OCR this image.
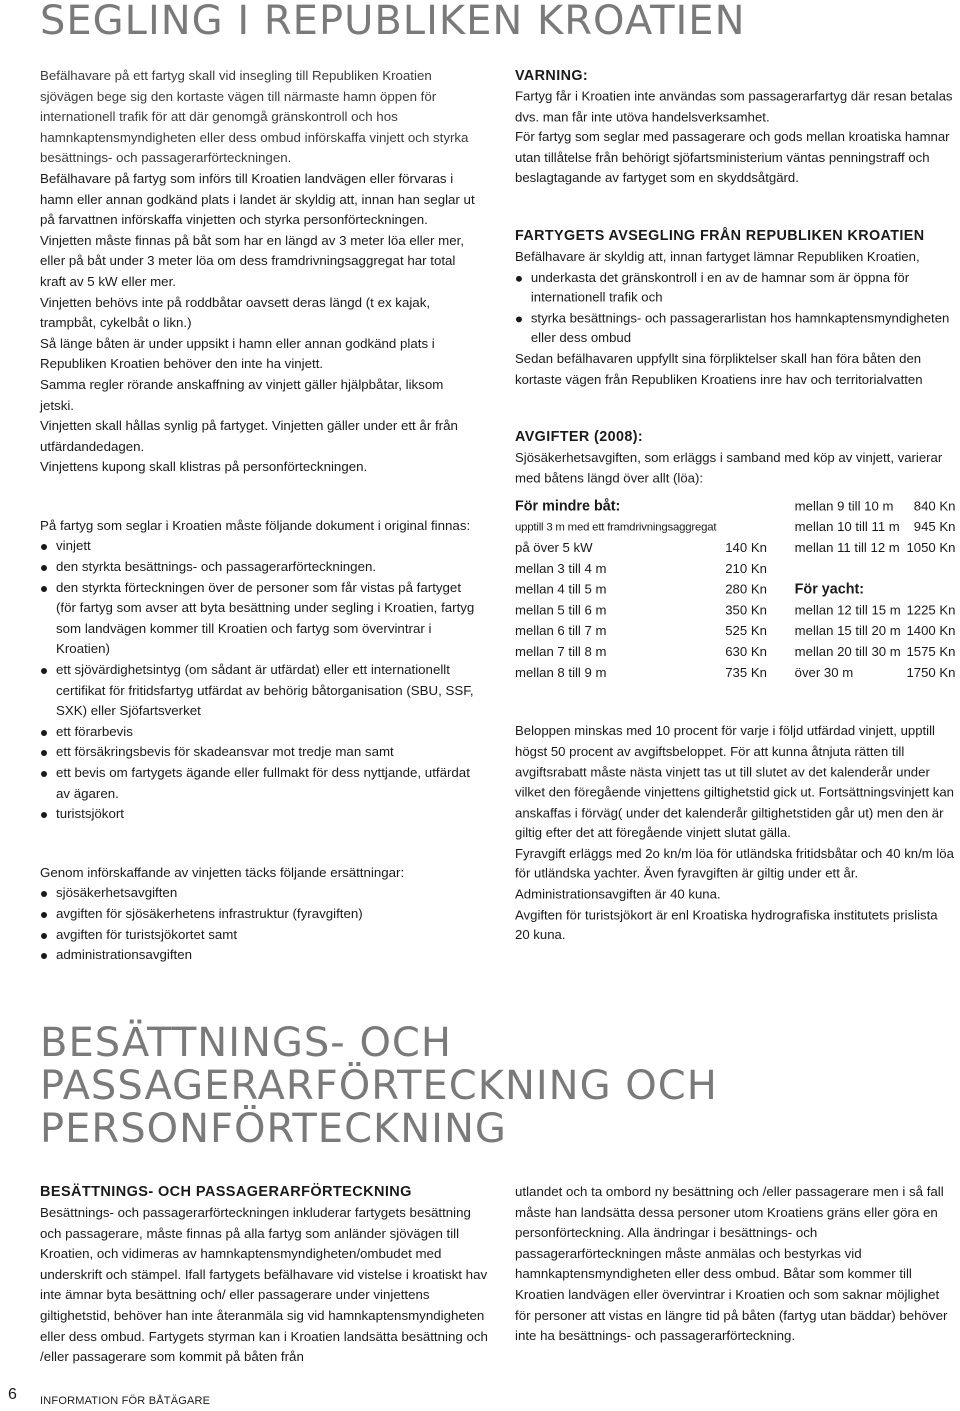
SEGLING I REPUBLIKEN KROATIEN

Befälhavare på ett fartyg skall vid insegling till Republiken Kroatien sjövägen bege sig den kortaste vägen till närmaste hamn öppen för internationell trafik för att där genomgå gränskontroll och hos hamnkaptensmyndigheten eller dess ombud införskaffa vinjett och styrka besättnings- och passagerarförteckningen.

Befälhavare på fartyg som införs till Kroatien landvägen eller förvaras i hamn eller annan godkänd plats i landet är skyldig att, innan han seglar ut på farvattnen införskaffa vinjetten och styrka personförteckningen.

Vinjetten måste finnas på båt som har en längd av 3 meter löa eller mer, eller på båt under 3 meter löa om dess framdrivningsaggregat har total kraft av 5 kW eller mer.

Vinjetten behövs inte på roddbåtar oavsett deras längd (t ex kajak, trampbåt, cykelbåt o likn.)

Så länge båten är under uppsikt i hamn eller annan godkänd plats i Republiken Kroatien behöver den inte ha vinjett.

Samma regler rörande anskaffning av vinjett gäller hjälpbåtar, liksom jetski.

Vinjetten skall hållas synlig på fartyget. Vinjetten gäller under ett år från utfärdandedagen.

Vinjettens kupong skall klistras på personförteckningen.

På fartyg som seglar i Kroatien måste följande dokument i original finnas:

vinjett
den styrkta besättnings- och passagerarförteckningen.
den styrkta förteckningen över de personer som får vistas på fartyget (för fartyg som avser att byta besättning under segling i Kroatien, fartyg som landvägen kommer till Kroatien och fartyg som övervintrar i Kroatien)
ett sjövärdighetsintyg (om sådant är utfärdat) eller ett internationellt certifikat för fritidsfartyg utfärdat av behörig båtorganisation (SBU, SSF, SXK) eller Sjöfartsverket
ett förarbevis
ett försäkringsbevis för skadeansvar mot tredje man samt
ett bevis om fartygets ägande eller fullmakt för dess nyttjande, utfärdat av ägaren.
turistsjökort

Genom införskaffande av vinjetten täcks följande ersättningar:

sjösäkerhetsavgiften
avgiften för sjösäkerhetens infrastruktur (fyravgiften)
avgiften för turistsjökortet samt
administrationsavgiften
VARNING:

Fartyg får i Kroatien inte användas som passagerarfartyg där resan betalas dvs. man får inte utöva handelsverksamhet.

För fartyg som seglar med passagerare och gods mellan kroatiska hamnar utan tillåtelse från behörigt sjöfartsministerium väntas penningstraff och beslagtagande av fartyget som en skyddsåtgärd.

FARTYGETS AVSEGLING FRÅN REPUBLIKEN KROATIEN

Befälhavare är skyldig att, innan fartyget lämnar Republiken Kroatien,

underkasta det gränskontroll i en av de hamnar som är öppna för internationell trafik och
styrka besättnings- och passagerarlistan hos hamnkaptensmyndigheten eller dess ombud

Sedan befälhavaren uppfyllt sina förpliktelser skall han föra båten den kortaste vägen från Republiken Kroatiens inre hav och territorialvatten

AVGIFTER (2008):

Sjösäkerhetsavgiften, som erläggs i samband med köp av vinjett, varierar med båtens längd över allt (löa):

För mindre båt:			mellan 9 till 10 m	840 Kn
upptill 3 m med ett framdrivningsaggregat			mellan 10 till 11 m	945 Kn
på över 5 kW	140 Kn		mellan 11 till 12 m	1050 Kn
mellan 3 till 4 m	210 Kn			
mellan 4 till 5 m	280 Kn		För yacht:	
mellan 5 till 6 m	350 Kn		mellan 12 till 15 m	1225 Kn
mellan 6 till 7 m	525 Kn		mellan 15 till 20 m	1400 Kn
mellan 7 till 8 m	630 Kn		mellan 20 till 30 m	1575 Kn
mellan 8 till 9 m	735 Kn		över 30 m	1750 Kn

Beloppen minskas med 10 procent för varje i följd utfärdad vinjett, upptill högst 50 procent av avgiftsbeloppet. För att kunna åtnjuta rätten till avgiftsrabatt måste nästa vinjett tas ut till slutet av det kalenderår under vilket den föregående vinjettens giltighetstid gick ut. Fortsättningsvinjett kan anskaffas i förväg( under det kalenderår giltighetstiden går ut) men den är giltig efter det att föregående vinjett slutat gälla.

Fyravgift erläggs med 2o kn/m löa för utländska fritidsbåtar och 40 kn/m löa för utländska yachter. Även fyravgiften är giltig under ett år.

Administrationsavgiften är 40 kuna.

Avgiften för turistsjökort är enl Kroatiska hydrografiska institutets prislista 20 kuna.

BESÄTTNINGS- OCH PASSAGERARFÖRTECKNING OCH PERSONFÖRTECKNING
BESÄTTNINGS- OCH PASSAGERARFÖRTECKNING

Besättnings- och passagerarförteckningen inkluderar fartygets besättning och passagerare, måste finnas på alla fartyg som anländer sjövägen till Kroatien, och vidimeras av hamnkaptensmyndigheten/ombudet med underskrift och stämpel. Ifall fartygets befälhavare vid vistelse i kroatiskt hav inte ämnar byta besättning och/ eller passagerare under vinjettens giltighetstid, behöver han inte återanmäla sig vid hamnkaptensmyndigheten eller dess ombud. Fartygets styrman kan i Kroatien landsätta besättning och /eller passagerare som kommit på båten från

utlandet och ta ombord ny besättning och /eller passagerare men i så fall måste han landsätta dessa personer utom Kroatiens gräns eller göra en personförteckning. Alla ändringar i besättnings- och passagerarförteckningen måste anmälas och bestyrkas vid hamnkaptensmyndigheten eller dess ombud. Båtar som kommer till Kroatien landvägen eller övervintrar i Kroatien och som saknar möjlighet för personer att vistas en längre tid på båten (fartyg utan bäddar) behöver inte ha besättnings- och passagerarförteckning.

6 INFORMATION FÖR BÅTÄGARE
